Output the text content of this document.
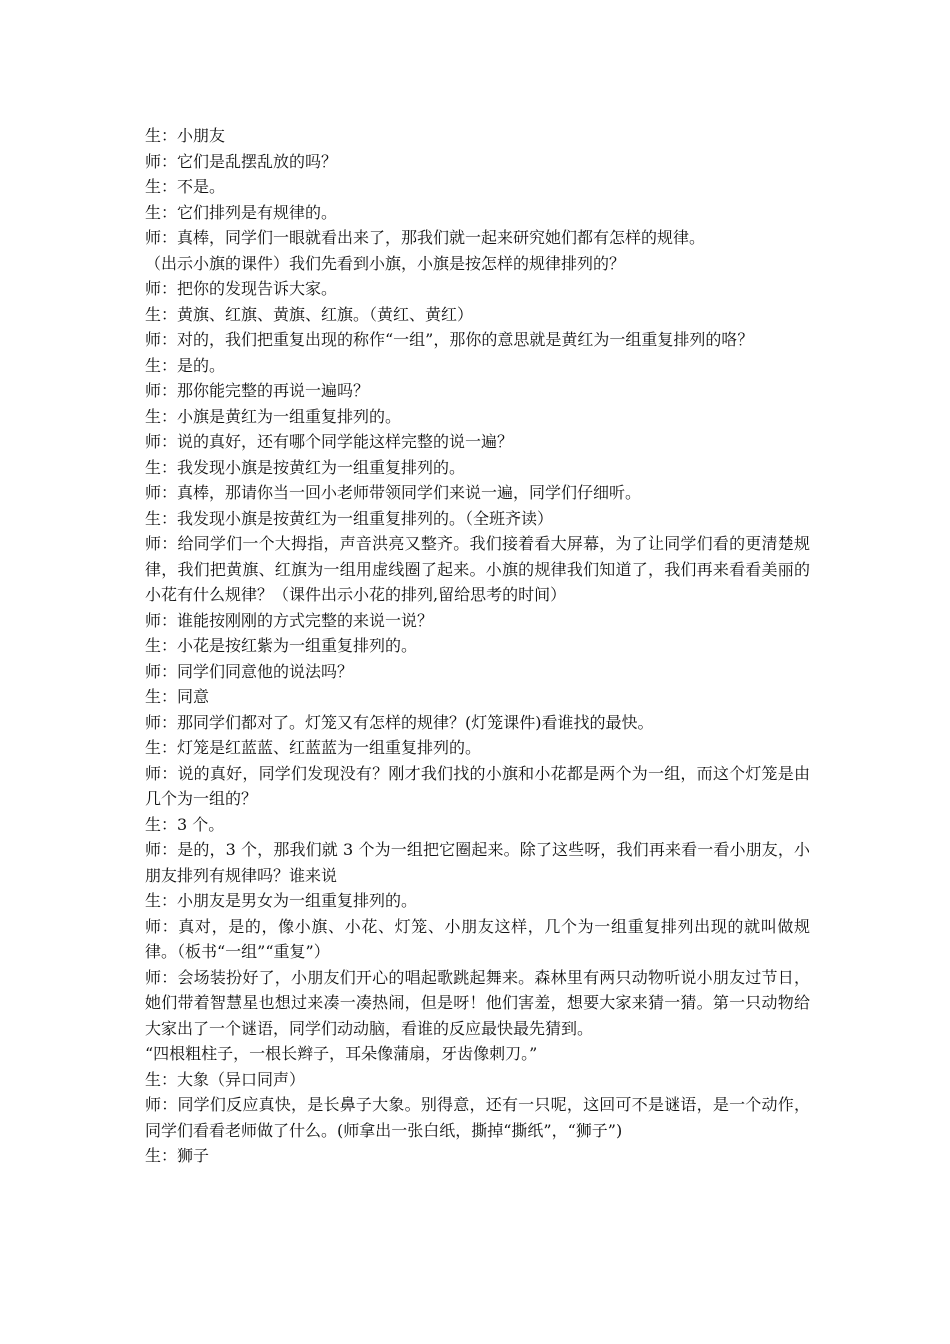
生：小朋友

师：它们是乱摆乱放的吗？

生：不是。

生：它们排列是有规律的。

师：真棒，同学们一眼就看出来了，那我们就一起来研究她们都有怎样的规律。

（出示小旗的课件）我们先看到小旗，小旗是按怎样的规律排列的？

师：把你的发现告诉大家。

生：黄旗、红旗、黄旗、红旗。（黄红、黄红）

师：对的，我们把重复出现的称作“一组”，那你的意思就是黄红为一组重复排列的咯？

生：是的。

师：那你能完整的再说一遍吗？

生：小旗是黄红为一组重复排列的。

师：说的真好，还有哪个同学能这样完整的说一遍？

生：我发现小旗是按黄红为一组重复排列的。

师：真棒，那请你当一回小老师带领同学们来说一遍，同学们仔细听。

生：我发现小旗是按黄红为一组重复排列的。（全班齐读）

师：给同学们一个大拇指，声音洪亮又整齐。我们接着看大屏幕，为了让同学们看的更清楚规律，我们把黄旗、红旗为一组用虚线圈了起来。小旗的规律我们知道了，我们再来看看美丽的小花有什么规律？（课件出示小花的排列,留给思考的时间）

师：谁能按刚刚的方式完整的来说一说？

生：小花是按红紫为一组重复排列的。

师：同学们同意他的说法吗？

生：同意

师：那同学们都对了。灯笼又有怎样的规律？(灯笼课件)看谁找的最快。

生：灯笼是红蓝蓝、红蓝蓝为一组重复排列的。

师：说的真好，同学们发现没有？刚才我们找的小旗和小花都是两个为一组，而这个灯笼是由几个为一组的？

生：3 个。

师：是的，3 个，那我们就 3 个为一组把它圈起来。除了这些呀，我们再来看一看小朋友，小朋友排列有规律吗？谁来说

生：小朋友是男女为一组重复排列的。

师：真对，是的，像小旗、小花、灯笼、小朋友这样，几个为一组重复排列出现的就叫做规律。（板书“一组”“重复”）

师：会场装扮好了，小朋友们开心的唱起歌跳起舞来。森林里有两只动物听说小朋友过节日，她们带着智慧星也想过来凑一凑热闹，但是呀！他们害羞，想要大家来猜一猜。第一只动物给大家出了一个谜语，同学们动动脑，看谁的反应最快最先猜到。

“四根粗柱子，一根长辫子，耳朵像蒲扇，牙齿像刺刀。”

生：大象（异口同声）

师：同学们反应真快，是长鼻子大象。别得意，还有一只呢，这回可不是谜语，是一个动作，同学们看看老师做了什么。(师拿出一张白纸，撕掉“撕纸”，“狮子”)

生：狮子
